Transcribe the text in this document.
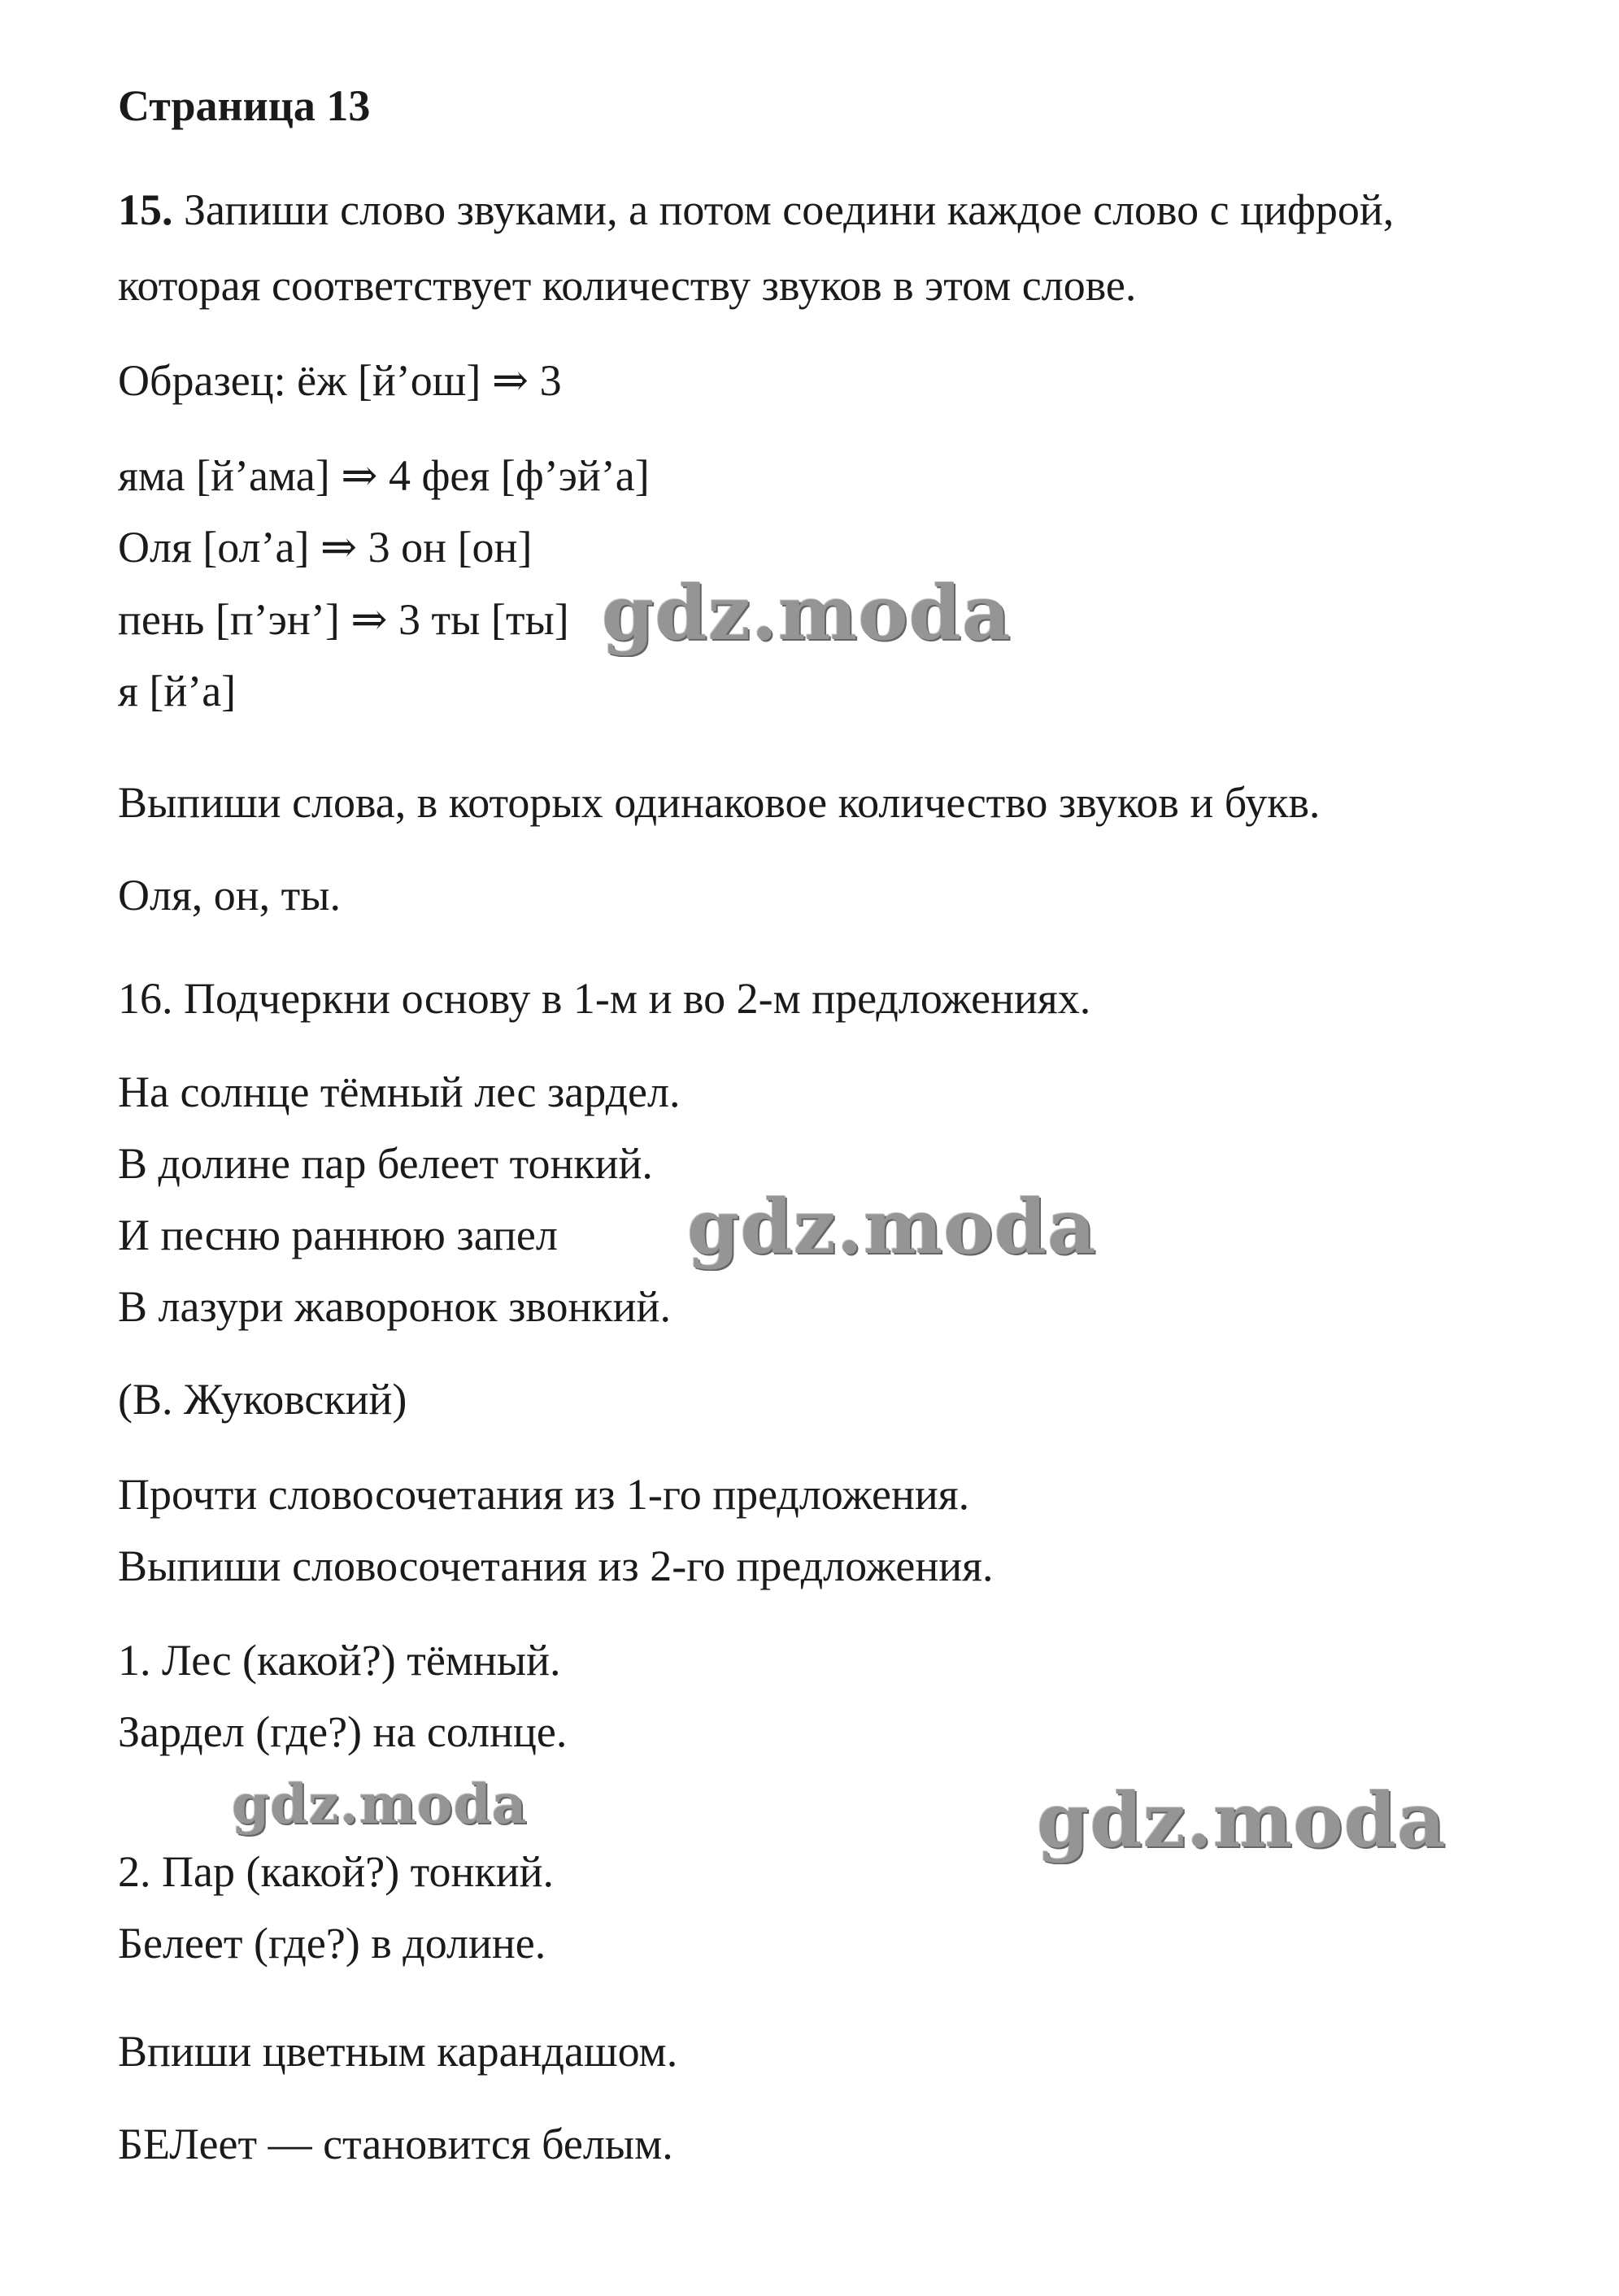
Страница 13
15. Запиши слово звуками, а потом соедини каждое слово с цифрой,
которая соответствует количеству звуков в этом слове.
Образец: ёж [й’ош] ⇒ 3
яма [й’ама] ⇒ 4 фея [ф’эй’а]
Оля [ол’а] ⇒ 3 он [он]
пень [п’эн’] ⇒ 3 ты [ты]
я [й’а]
Выпиши слова, в которых одинаковое количество звуков и букв.
Оля, он, ты.
16. Подчеркни основу в 1-м и во 2-м предложениях.
На солнце тёмный лес зардел.
В долине пар белеет тонкий.
И песню раннюю запел
В лазури жаворонок звонкий.
(В. Жуковский)
Прочти словосочетания из 1-го предложения.
Выпиши словосочетания из 2-го предложения.
1. Лес (какой?) тёмный.
Зардел (где?) на солнце.
2. Пар (какой?) тонкий.
Белеет (где?) в долине.
Впиши цветным карандашом.
БЕЛеет — становится белым.
gdz.moda
gdz.moda
gdz.moda	gdz.moda
